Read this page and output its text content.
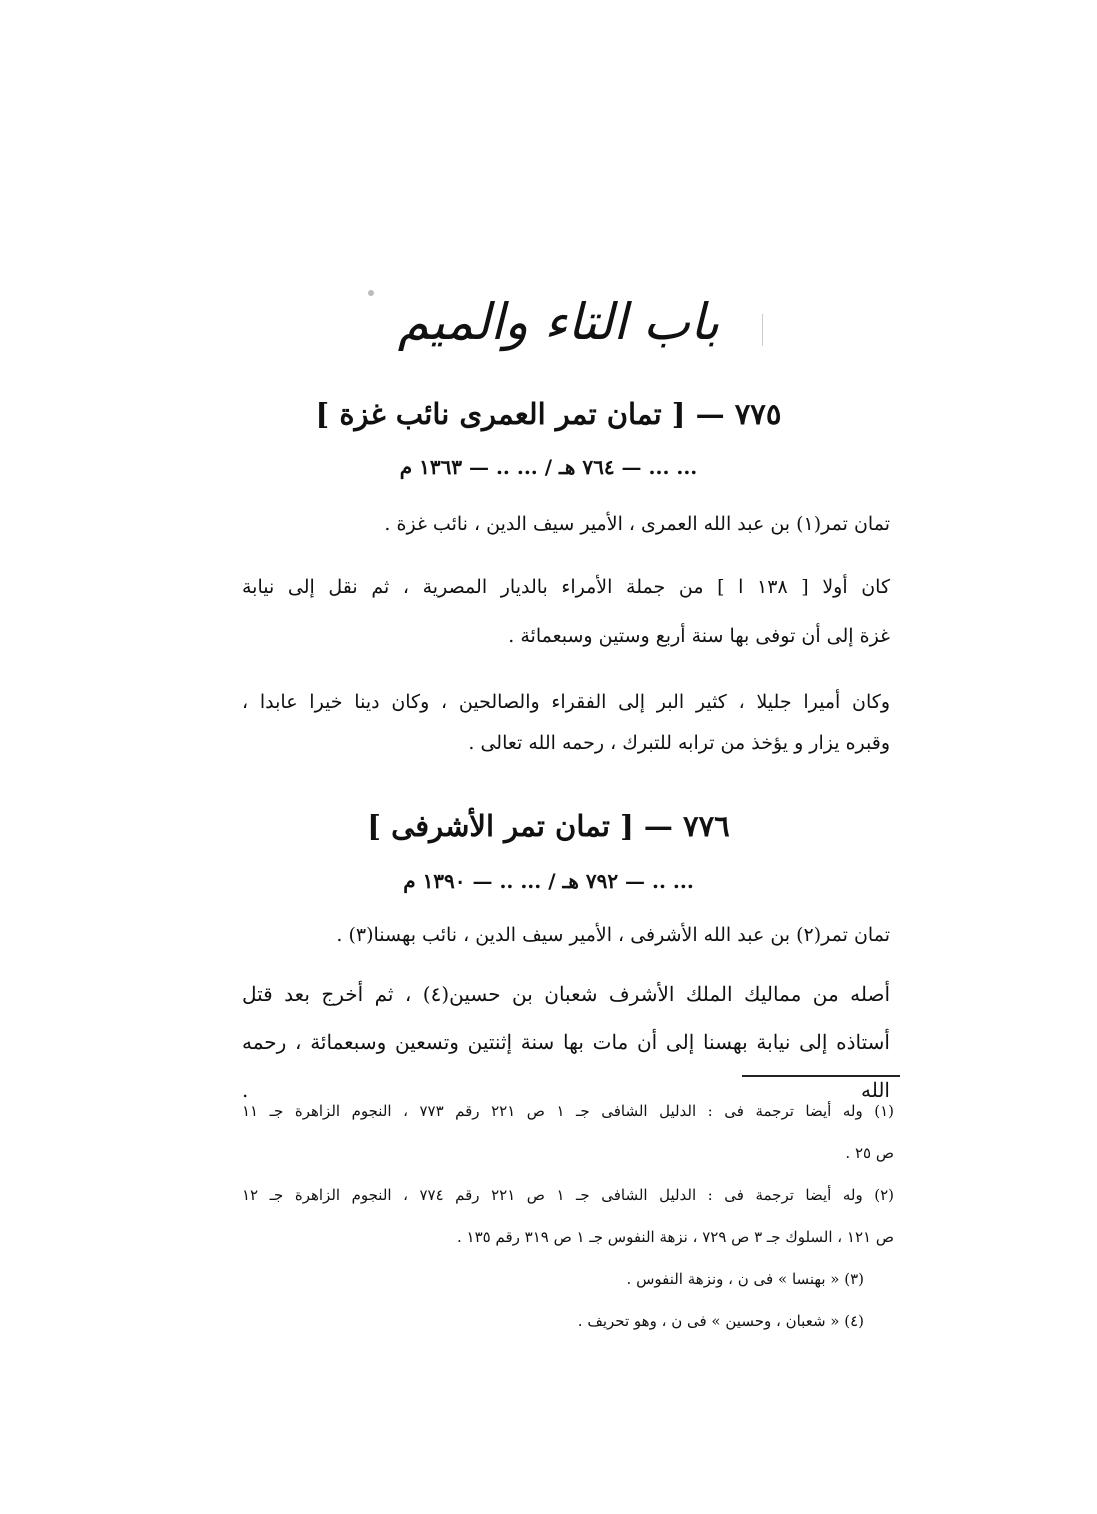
باب التاء والميم
٧٧٥ — [ تمان تمر العمرى نائب غزة ]
... ... — ٧٦٤ هـ / ... .. — ١٣٦٣ م
تمان تمر(١) بن عبد الله العمرى ، الأمير سيف الدين ، نائب غزة .
كان أولا [ ١٣٨ ا ] من جملة الأمراء بالديار المصرية ، ثم نقل إلى نيابة
غزة إلى أن توفى بها سنة أربع وستين وسبعمائة .
وكان أميرا جليلا ، كثير البر إلى الفقراء والصالحين ، وكان دينا خيرا عابدا ،
وقبره يزار و يؤخذ من ترابه للتبرك ، رحمه الله تعالى .
٧٧٦ — [ تمان تمر الأشرفى ]
... .. — ٧٩٢ هـ / ... .. — ١٣٩٠ م
تمان تمر(٢) بن عبد الله الأشرفى ، الأمير سيف الدين ، نائب بهسنا(٣) .
أصله من مماليك الملك الأشرف شعبان بن حسين(٤) ، ثم أخرج بعد قتل
أستاذه إلى نيابة بهسنا إلى أن مات بها سنة إثنتين وتسعين وسبعمائة ، رحمه الله .
(١) وله أيضا ترجمة فى : الدليل الشافى جـ ١ ص ٢٢١ رقم ٧٧٣ ، النجوم الزاهرة جـ ١١
ص ٢٥ .
(٢) وله أيضا ترجمة فى : الدليل الشافى جـ ١ ص ٢٢١ رقم ٧٧٤ ، النجوم الزاهرة جـ ١٢
ص ١٢١ ، السلوك جـ ٣ ص ٧٢٩ ، نزهة النفوس جـ ١ ص ٣١٩ رقم ١٣٥ .
(٣) « بهنسا » فى ن ، ونزهة النفوس .
(٤) « شعبان ، وحسين » فى ن ، وهو تحريف .
